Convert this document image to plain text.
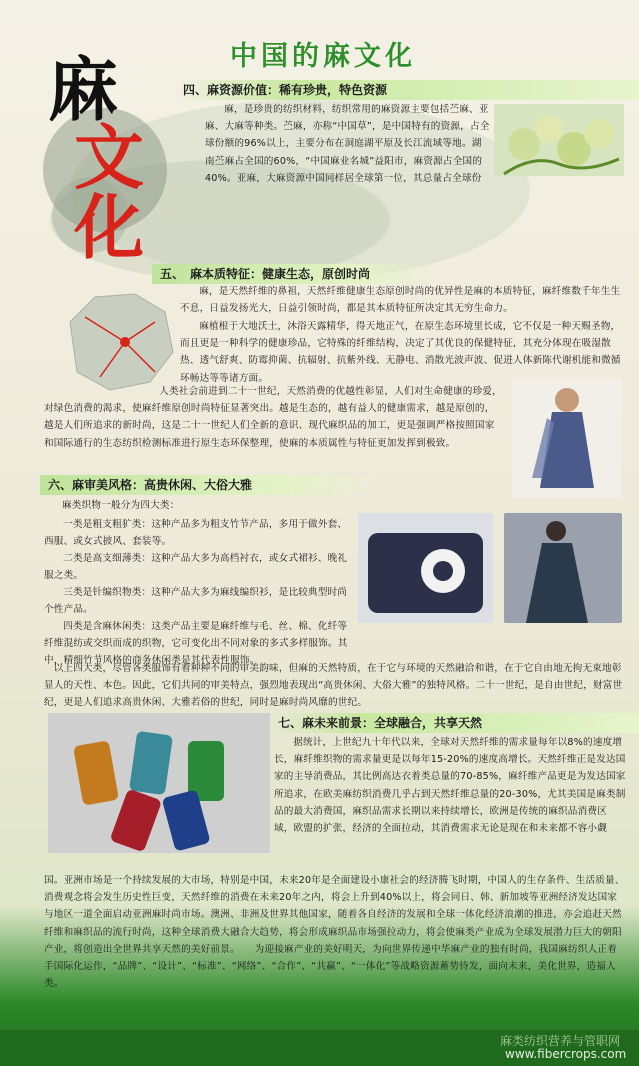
麻
文
化
中国的麻文化
四、麻资源价值：稀有珍贵，特色资源

麻，是珍贵的纺织材料，纺织常用的麻资源主要包括苎麻、亚麻、大麻等种类。苎麻，亦称“中国草”，是中国特有的资源，占全球份额的96%以上，主要分布在洞庭湖平原及长江流域等地。湖南苎麻占全国的60%，“中国麻业名城”益阳市，麻资源占全国的40%。亚麻，大麻资源中国同样居全球第一位，其总量占全球份

五、　麻本质特征：健康生态，原创时尚

麻，是天然纤维的鼻祖，天然纤维健康生态原创时尚的优异性是麻的本质特征，麻纤维数千年生生不息，日益发扬光大，日益引领时尚，都是其本质特征所决定其无穷生命力。

麻植根于大地沃土，沐浴天露精华，得天地正气，在原生态环境里长成，它不仅是一种天赐圣物，而且更是一种科学的健康珍品，它特殊的纤维结构，决定了其优良的保健特征，其充分体现在吸湿散热、透气舒爽、防霉抑菌、抗辐射、抗紫外线、无静电、消散光波声波、促进人体新陈代谢机能和微循环畅达等等诸方面。

人类社会前进到二十一世纪，天然消费的优越性彰显，人们对生命健康的珍爱，对绿色消费的渴求，使麻纤维原创时尚特征显著突出。越是生态的，越有益人的健康需求，越是原创的，越是人们所追求的新时尚，这是二十一世纪人们全新的意识、现代麻织品的加工，更是强调严格按照国家和国际通行的生态纺织检测标准进行原生态环保整理，使麻的本质属性与特征更加发挥到极致。

六、麻审美风格：高贵休闲、大俗大雅

麻类织物一般分为四大类：

一类是粗支粗犷类：这种产品多为粗支竹节产品，多用于做外套、西服、或女式披风、套装等。

二类是高支细薄类：这种产品大多为高档衬衣，或女式裙衫、晚礼服之类。

三类是针编织物类：这种产品大多为麻线编织衫，是比较典型时尚个性产品。

四类是含麻休闲类：这类产品主要是麻纤维与毛、丝、棉、化纤等纤维混纺或交织而成的织物，它可变化出不同对象的多式多样服饰。其中，精细竹节风格的商务休闲类是其代表性服饰。

以上四大类，尽管各类服饰有着种种不同的审美韵味，但麻的天然特质，在于它与环境的天然融洽和谐，在于它自由地无拘无束地彰显人的天性、本色。因此，它们共同的审美特点，强烈地表现出“高贵休闲、大俗大雅”的独特风格。二十一世纪，是自由世纪，财富世纪，更是人们追求高贵休闲、大雅若俗的世纪，同时是麻时尚风靡的世纪。

七、麻未来前景：全球融合，共享天然

据统计，上世纪九十年代以来，全球对天然纤维的需求量每年以8%的速度增长，麻纤维织物的需求量更是以每年15-20%的速度高增长。天然纤维正是发达国家的主导消费品，其比例高达衣着类总量的70-85%，麻纤维产品更是为发达国家所追求，在欧美麻纺织消费几乎占到天然纤维总量的20-30%，尤其美国是麻类制品的最大消费国，麻织品需求长期以来持续增长，欧洲是传统的麻织品消费区域，欧盟的扩张，经济的全面拉动，其消费需求无论是现在和未来都不容小觑

国。亚洲市场是一个持续发展的大市场，特别是中国，未来20年是全面建设小康社会的经济腾飞时期，中国人的生存条件、生活质量、消费观念将会发生历史性巨变，天然纤维的消费在未来20年之内，将会上升到40%以上，将会同日、韩、新加坡等亚洲经济发达国家与地区一道全面启动亚洲麻时尚市场。澳洲、非洲及世界其他国家，随着各自经济的发展和全球一体化经济浪潮的推进，亦会追赶天然纤维和麻织品的流行时尚，这种全球消费大融合大趋势，将会形成麻织品市场强拉动力，将会使麻类产业成为全球发展潜力巨大的朝阳产业，将创造出全世界共享天然的美好前景。　　为迎接麻产业的美好明天，为向世界传递中华麻产业的独有时尚，我国麻纺织人正着手国际化运作，“品牌”、“设计”、“标准”、“网络”、“合作”、“共赢”、“一体化”等战略资源蓄势待发，面向未来，美化世界，造福人类。

麻类纺织营养与管职网
www.fibercrops.com
